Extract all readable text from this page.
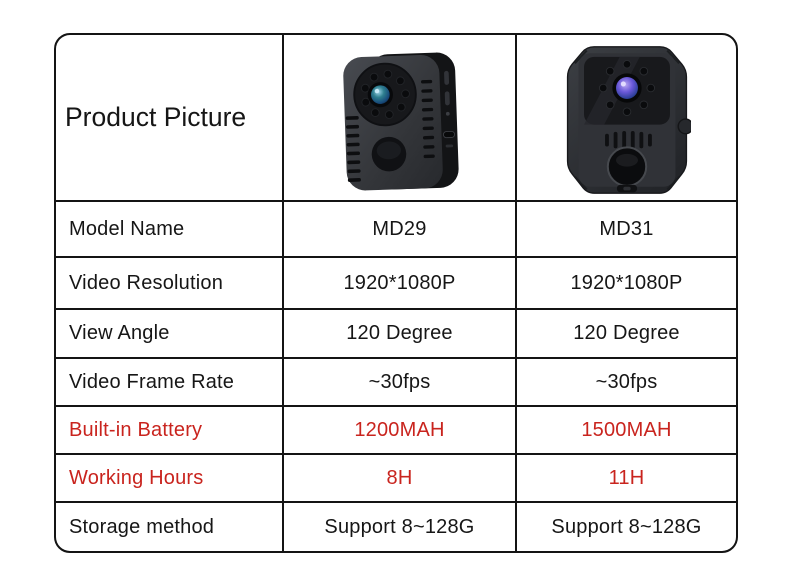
Product Picture
Model Name	MD29	MD31
Video Resolution	1920*1080P	1920*1080P
View Angle	120 Degree	120 Degree
Video Frame Rate	~30fps	~30fps
Built-in Battery	1200MAH	1500MAH
Working Hours	8H	11H
Storage method	Support 8~128G	Support 8~128G
